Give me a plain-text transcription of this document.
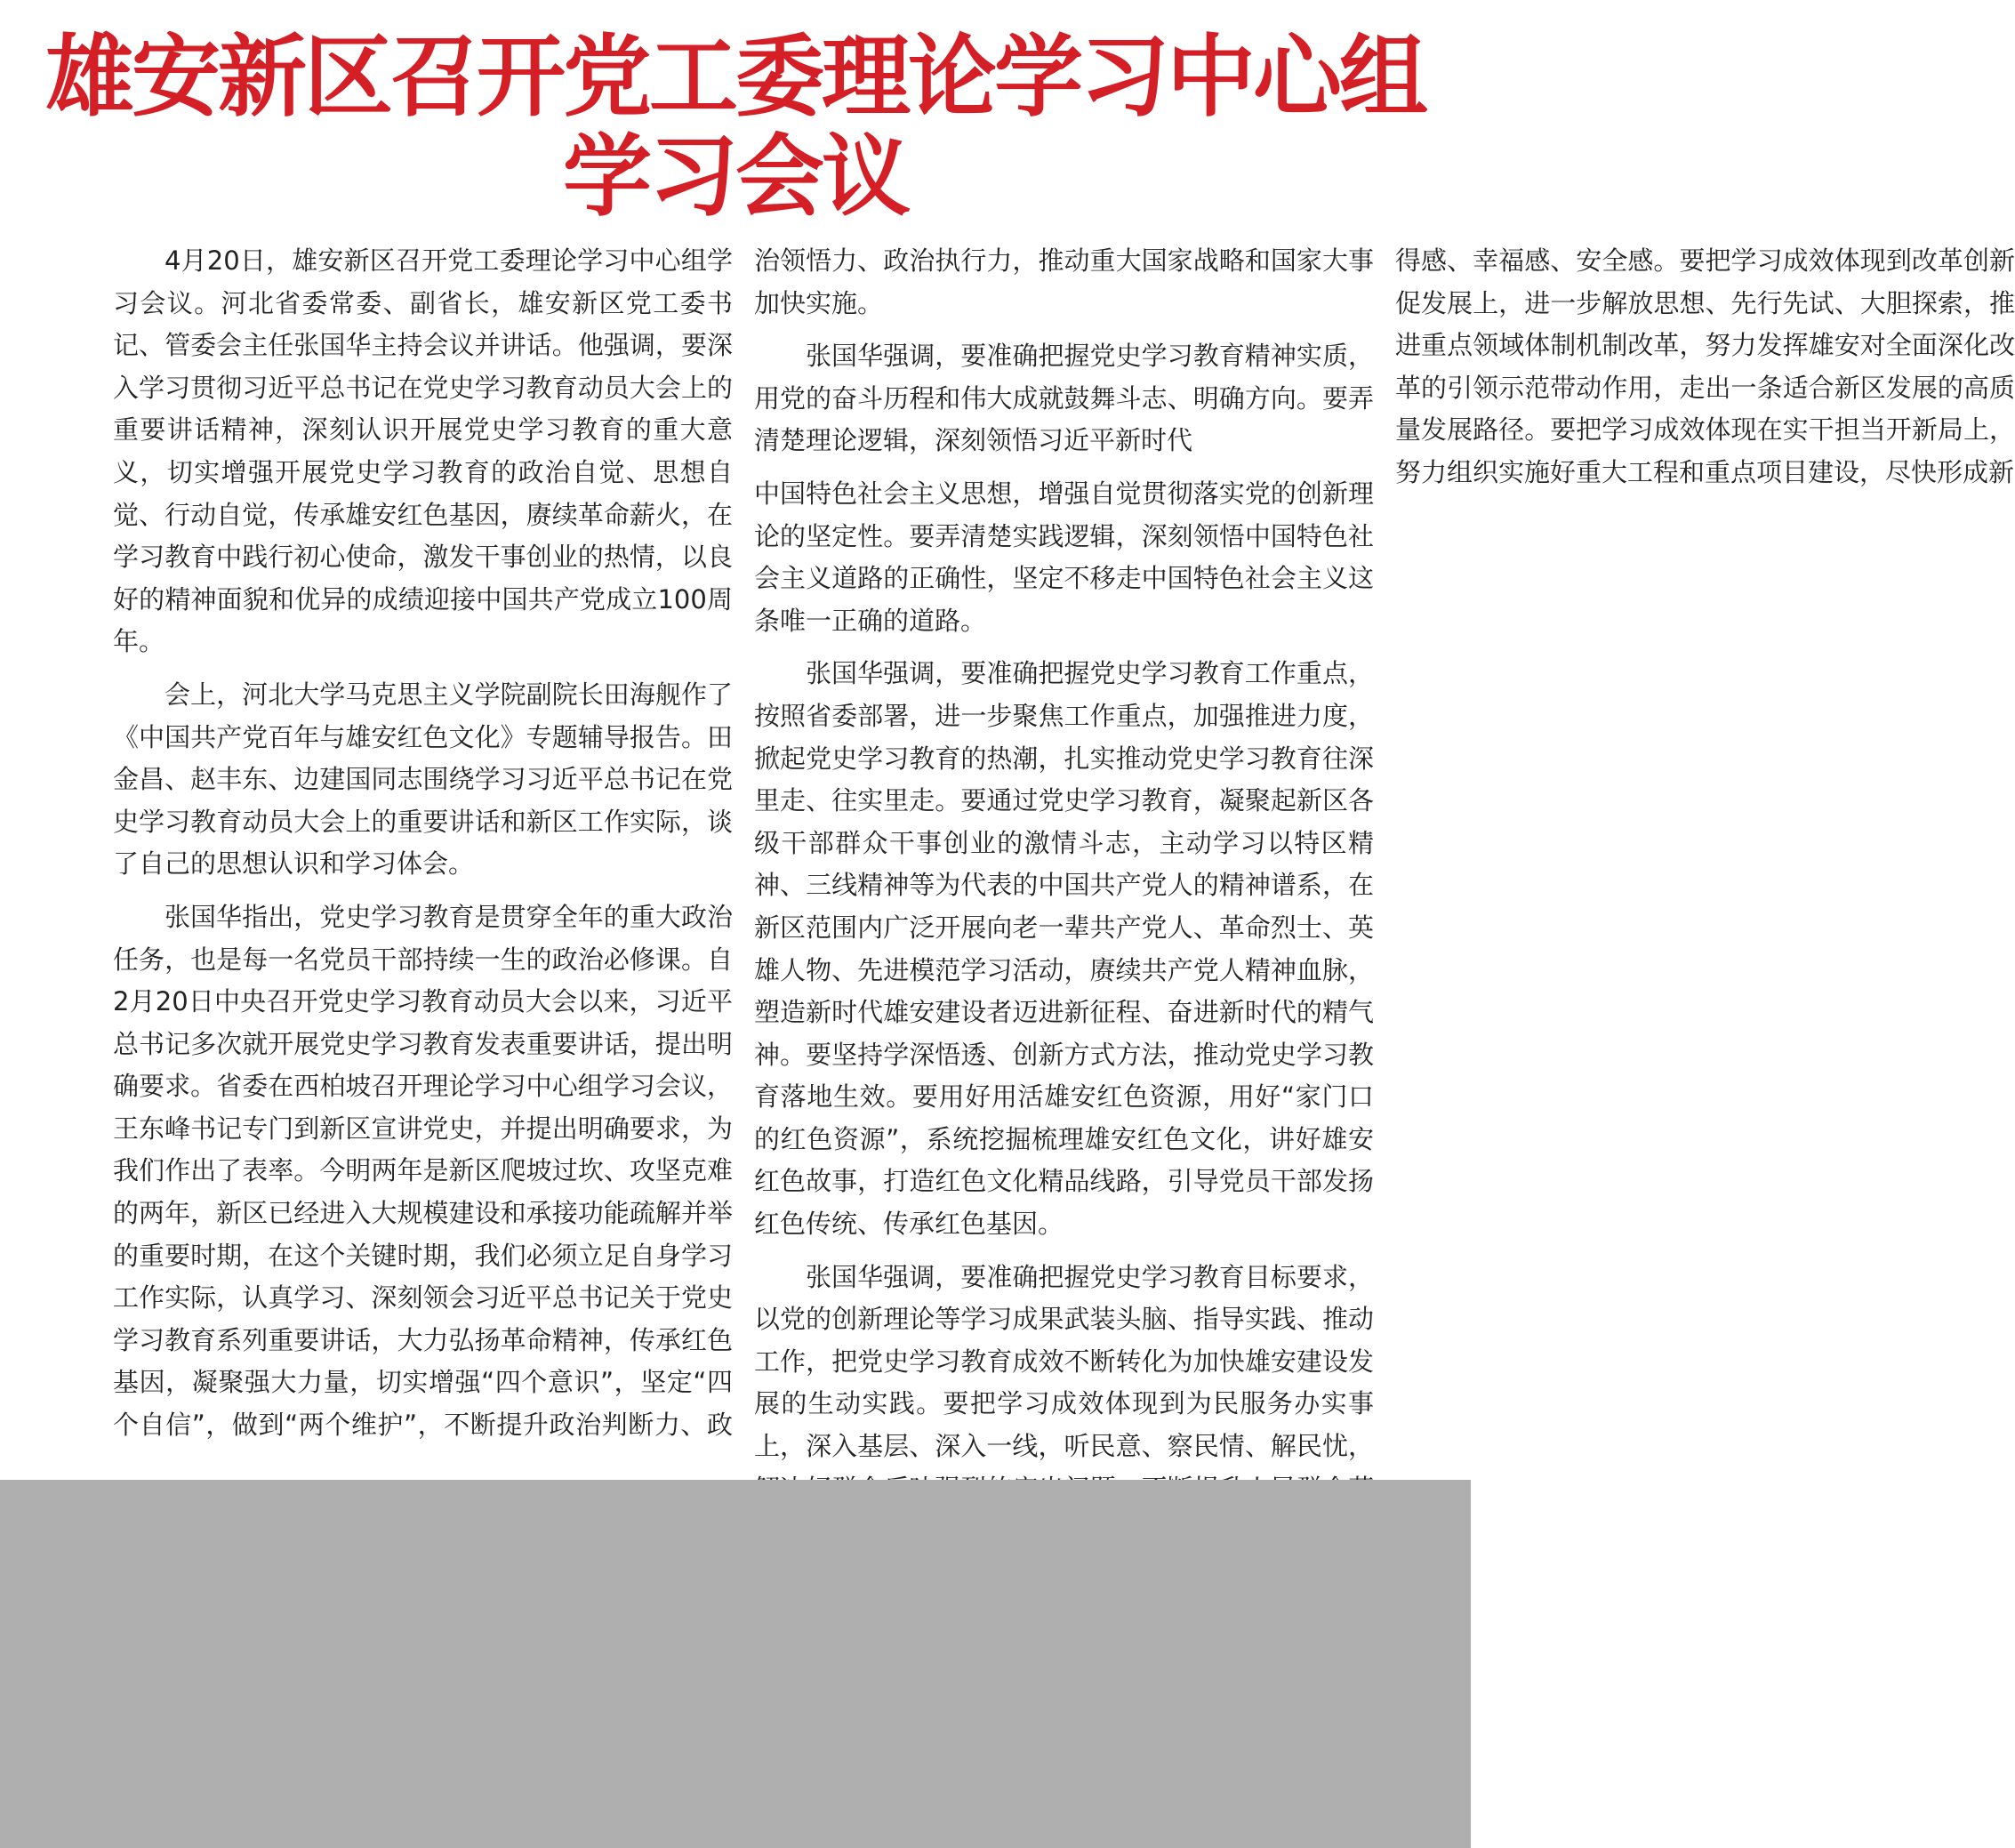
雄安新区召开党工委理论学习中心组
学习会议

4月20日，雄安新区召开党工委理论学习中心组学习会议。河北省委常委、副省长，雄安新区党工委书记、管委会主任张国华主持会议并讲话。他强调，要深入学习贯彻习近平总书记在党史学习教育动员大会上的重要讲话精神，深刻认识开展党史学习教育的重大意义，切实增强开展党史学习教育的政治自觉、思想自觉、行动自觉，传承雄安红色基因，赓续革命薪火，在学习教育中践行初心使命，激发干事创业的热情，以良好的精神面貌和优异的成绩迎接中国共产党成立100周年。

会上，河北大学马克思主义学院副院长田海舰作了《中国共产党百年与雄安红色文化》专题辅导报告。田金昌、赵丰东、边建国同志围绕学习习近平总书记在党史学习教育动员大会上的重要讲话和新区工作实际，谈了自己的思想认识和学习体会。

张国华指出，党史学习教育是贯穿全年的重大政治任务，也是每一名党员干部持续一生的政治必修课。自2月20日中央召开党史学习教育动员大会以来，习近平总书记多次就开展党史学习教育发表重要讲话，提出明确要求。省委在西柏坡召开理论学习中心组学习会议，王东峰书记专门到新区宣讲党史，并提出明确要求，为我们作出了表率。今明两年是新区爬坡过坎、攻坚克难的两年，新区已经进入大规模建设和承接功能疏解并举的重要时期，在这个关键时期，我们必须立足自身学习工作实际，认真学习、深刻领会习近平总书记关于党史学习教育系列重要讲话，大力弘扬革命精神，传承红色基因，凝聚强大力量，切实增强“四个意识”，坚定“四个自信”，做到“两个维护”，不断提升政治判断力、政治领悟力、政治执行力，推动重大国家战略和国家大事加快实施。

张国华强调，要准确把握党史学习教育精神实质，用党的奋斗历程和伟大成就鼓舞斗志、明确方向。要弄清楚理论逻辑，深刻领悟习近平新时代

中国特色社会主义思想，增强自觉贯彻落实党的创新理论的坚定性。要弄清楚实践逻辑，深刻领悟中国特色社会主义道路的正确性，坚定不移走中国特色社会主义这条唯一正确的道路。

张国华强调，要准确把握党史学习教育工作重点，按照省委部署，进一步聚焦工作重点，加强推进力度，掀起党史学习教育的热潮，扎实推动党史学习教育往深里走、往实里走。要通过党史学习教育，凝聚起新区各级干部群众干事创业的激情斗志，主动学习以特区精神、三线精神等为代表的中国共产党人的精神谱系，在新区范围内广泛开展向老一辈共产党人、革命烈士、英雄人物、先进模范学习活动，赓续共产党人精神血脉，塑造新时代雄安建设者迈进新征程、奋进新时代的精气神。要坚持学深悟透、创新方式方法，推动党史学习教育落地生效。要用好用活雄安红色资源，用好“家门口的红色资源”，系统挖掘梳理雄安红色文化，讲好雄安红色故事，打造红色文化精品线路，引导党员干部发扬红色传统、传承红色基因。

张国华强调，要准确把握党史学习教育目标要求，以党的创新理论等学习成果武装头脑、指导实践、推动工作，把党史学习教育成效不断转化为加快雄安建设发展的生动实践。要把学习成效体现到为民服务办实事上，深入基层、深入一线，听民意、察民情、解民忧， 得感、幸福感、安全感。要把学习成效体现到改革创新促发展上，进一步解放思想、先行先试、大胆探索，推进重点领域体制机制改革，努力发挥雄安对全面深化改革的引领示范带动作用，走出一条适合新区发展的高质量发展路径。要把学习成效体现在实干担当开新局上，努力组织实施好重大工程和重点项目建设，尽快形成新
